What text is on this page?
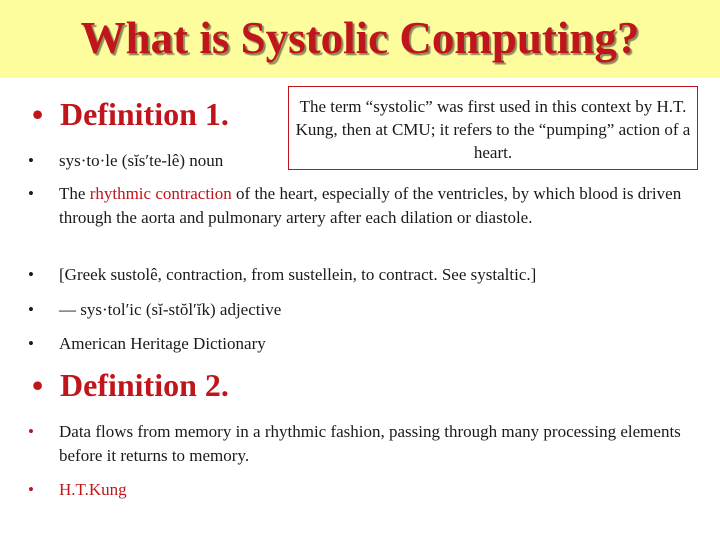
What is Systolic Computing?
• Definition 1.	The term “systolic” was first used in this context by H.T. Kung, then at CMU; it refers to the “pumping” action of a heart.
• sys·to·le (sĭs′te-lê) noun
• The rhythmic contraction of the heart, especially of the ventricles, by which blood is driven through the aorta and pulmonary artery after each dilation or diastole.
• [Greek sustolê, contraction, from sustellein, to contract. See systaltic.]
• — sys·tol′ic (sĭ-stŏl′ĭk) adjective
• American Heritage Dictionary
• Definition 2.
• Data flows from memory in a rhythmic fashion, passing through many processing elements before it returns to memory.
• H.T.Kung
